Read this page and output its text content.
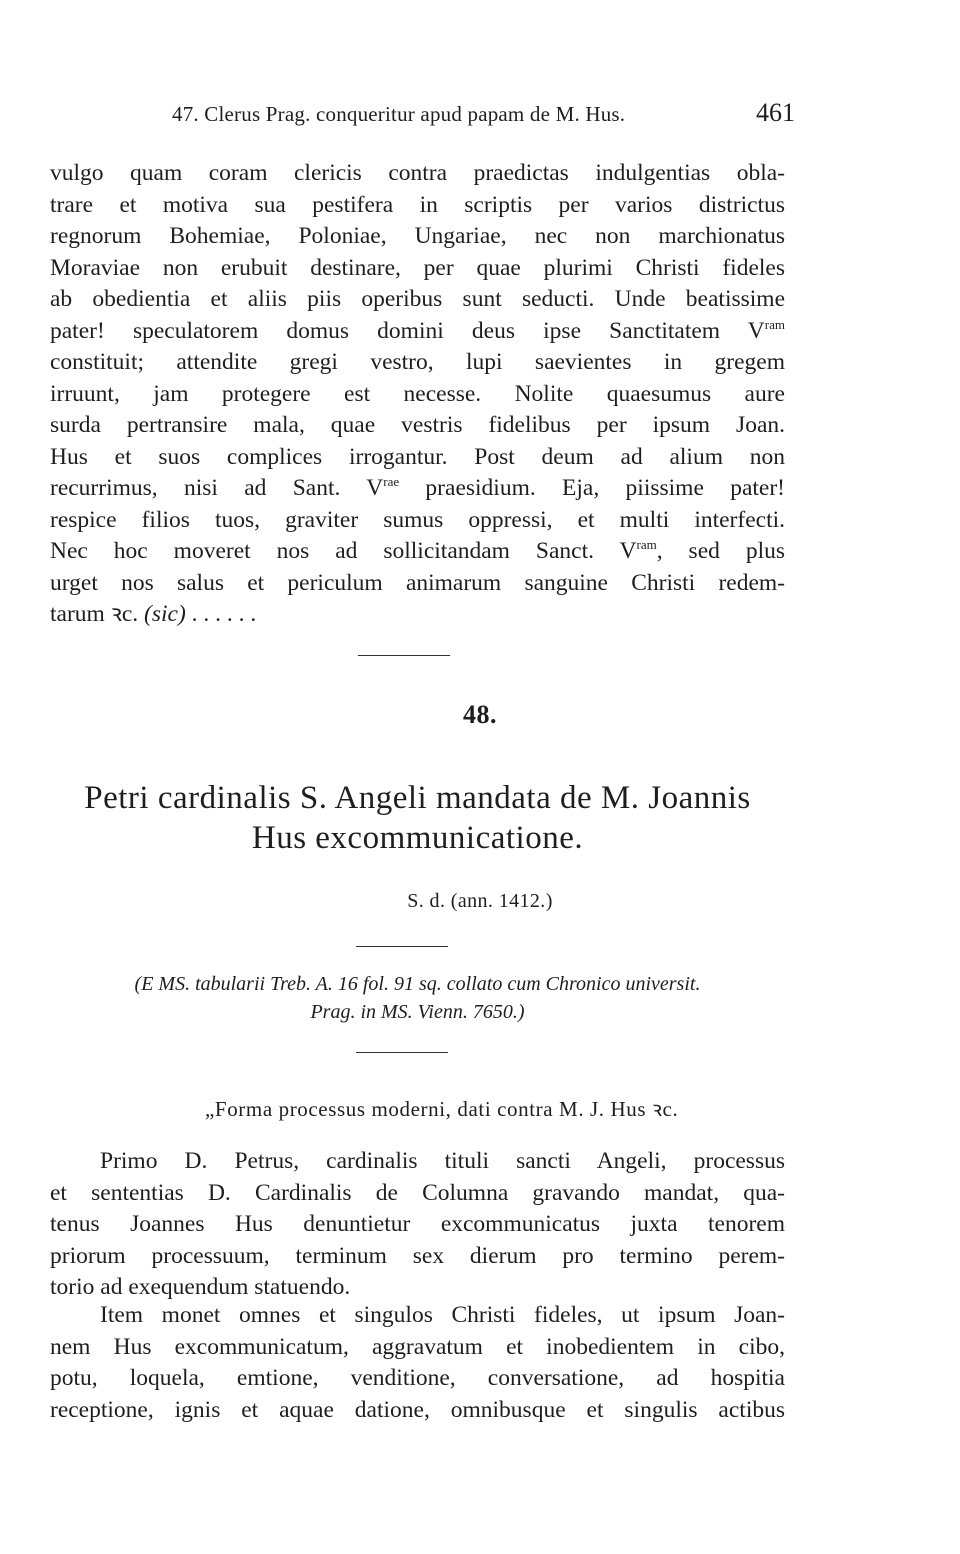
47. Clerus Prag. conqueritur apud papam de M. Hus.	461
vulgo quam coram clericis contra praedictas indulgentias obla-
trare et motiva sua pestifera in scriptis per varios districtus
regnorum Bohemiae, Poloniae, Ungariae, nec non marchionatus
Moraviae non erubuit destinare, per quae plurimi Christi fideles
ab obedientia et aliis piis operibus sunt seducti. Unde beatissime
pater! speculatorem domus domini deus ipse Sanctitatem $V^{ram}$
constituit; attendite gregi vestro, lupi saevientes in gregem
irruunt, jam protegere est necesse. Nolite quaesumus aure
surda pertransire mala, quae vestris fidelibus per ipsum Joan.
Hus et suos complices irrogantur. Post deum ad alium non
recurrimus, nisi ad Sant. $V^{rae}$ praesidium. Eja, piissime pater!
respice filios tuos, graviter sumus oppressi, et multi interfecti.
Nec hoc moveret nos ad sollicitandam Sanct. $V^{ram}$, sed plus
urget nos salus et periculum animarum sanguine Christi redem-
tarum ꝛc. (sic) . . . . . .
48.
Petri cardinalis S. Angeli mandata de M. Joannis
Hus excommunicatione.
S. d. (ann. 1412.)
(E MS. tabularii Treb. A. 16 fol. 91 sq. collato cum Chronico universit.
Prag. in MS. Vienn. 7650.)
„Forma processus moderni, dati contra M. J. Hus ꝛc.
Primo D. Petrus, cardinalis tituli sancti Angeli, processus
et sententias D. Cardinalis de Columna gravando mandat, qua-
tenus Joannes Hus denuntietur excommunicatus juxta tenorem
priorum processuum, terminum sex dierum pro termino perem-
torio ad exequendum statuendo.
Item monet omnes et singulos Christi fideles, ut ipsum Joan-
nem Hus excommunicatum, aggravatum et inobedientem in cibo,
potu, loquela, emtione, venditione, conversatione, ad hospitia
receptione, ignis et aquae datione, omnibusque et singulis actibus
